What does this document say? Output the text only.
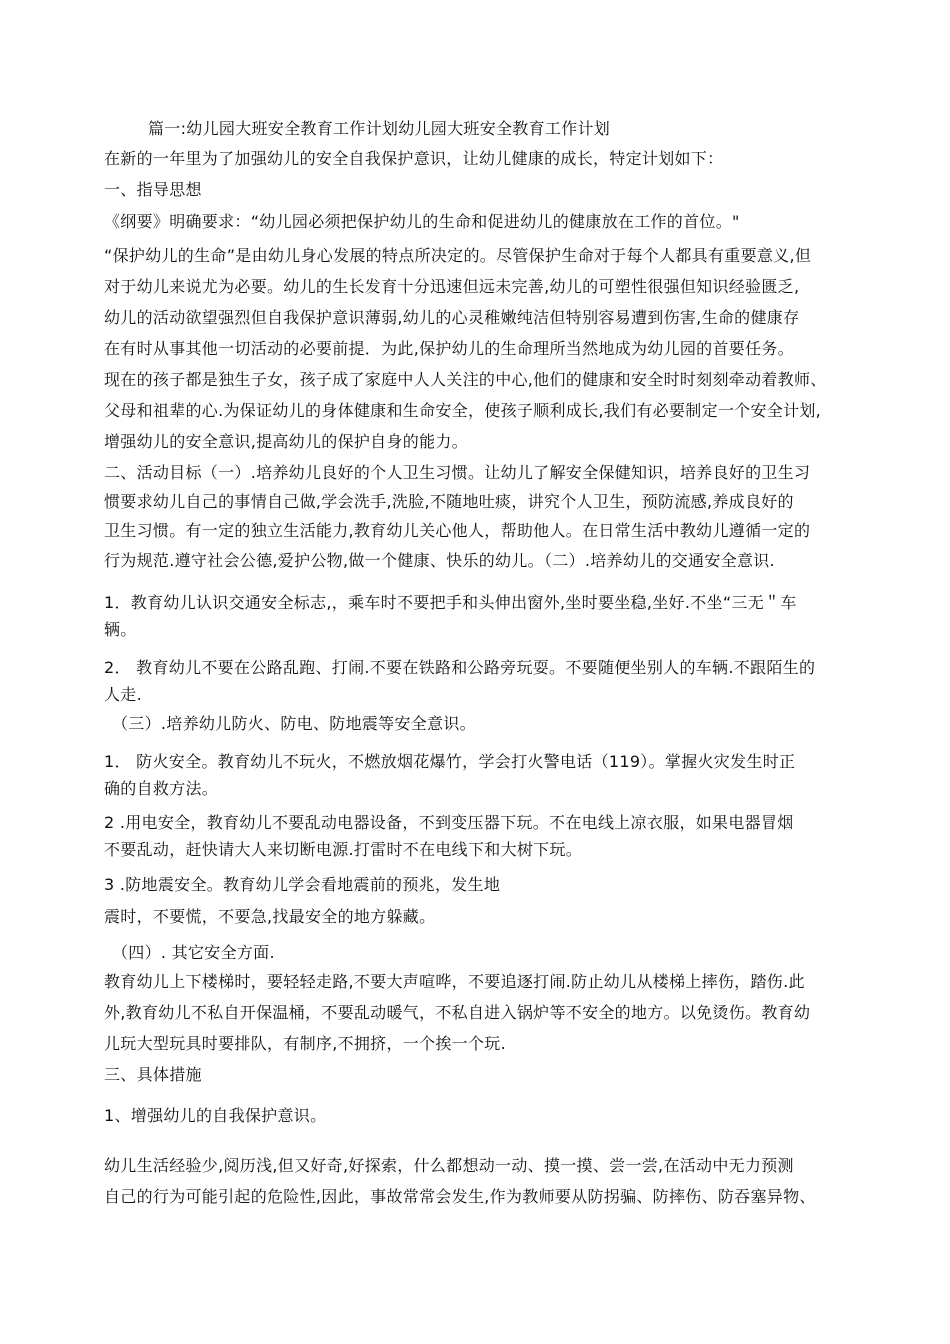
篇一:幼儿园大班安全教育工作计划幼儿园大班安全教育工作计划
在新的一年里为了加强幼儿的安全自我保护意识，让幼儿健康的成长，特定计划如下：
一、指导思想
《纲要》明确要求：“幼儿园必须把保护幼儿的生命和促进幼儿的健康放在工作的首位。"
“保护幼儿的生命”是由幼儿身心发展的特点所决定的。尽管保护生命对于每个人都具有重要意义,但
对于幼儿来说尤为必要。幼儿的生长发育十分迅速但远未完善,幼儿的可塑性很强但知识经验匮乏,
幼儿的活动欲望强烈但自我保护意识薄弱,幼儿的心灵稚嫩纯洁但特别容易遭到伤害,生命的健康存
在有时从事其他一切活动的必要前提．为此,保护幼儿的生命理所当然地成为幼儿园的首要任务。
现在的孩子都是独生子女，孩子成了家庭中人人关注的中心,他们的健康和安全时时刻刻牵动着教师、
父母和祖辈的心.为保证幼儿的身体健康和生命安全，使孩子顺利成长,我们有必要制定一个安全计划,
增强幼儿的安全意识,提高幼儿的保护自身的能力。
二、活动目标（一）.培养幼儿良好的个人卫生习惯。让幼儿了解安全保健知识，培养良好的卫生习
惯要求幼儿自己的事情自己做,学会洗手,洗脸,不随地吐痰，讲究个人卫生，预防流感,养成良好的
卫生习惯。有一定的独立生活能力,教育幼儿关心他人，帮助他人。在日常生活中教幼儿遵循一定的
行为规范.遵守社会公德,爱护公物,做一个健康、快乐的幼儿。（二）.培养幼儿的交通安全意识.
1．教育幼儿认识交通安全标志,，乘车时不要把手和头伸出窗外,坐时要坐稳,坐好.不坐“三无＂车
辆。
2． 教育幼儿不要在公路乱跑、打闹.不要在铁路和公路旁玩耍。不要随便坐别人的车辆.不跟陌生的
人走.
（三）.培养幼儿防火、防电、防地震等安全意识。
1． 防火安全。教育幼儿不玩火，不燃放烟花爆竹，学会打火警电话（119）。掌握火灾发生时正
确的自救方法。
2 .用电安全，教育幼儿不要乱动电器设备，不到变压器下玩。不在电线上凉衣服，如果电器冒烟
不要乱动，赶快请大人来切断电源.打雷时不在电线下和大树下玩。
3 .防地震安全。教育幼儿学会看地震前的预兆，发生地
震时，不要慌，不要急,找最安全的地方躲藏。
（四）. 其它安全方面.
教育幼儿上下楼梯时，要轻轻走路,不要大声喧哗，不要追逐打闹.防止幼儿从楼梯上摔伤，踏伤.此
外,教育幼儿不私自开保温桶，不要乱动暖气，不私自进入锅炉等不安全的地方。以免烫伤。教育幼
儿玩大型玩具时要排队，有制序,不拥挤，一个挨一个玩.
三、具体措施
1、增强幼儿的自我保护意识。
幼儿生活经验少,阅历浅,但又好奇,好探索，什么都想动一动、摸一摸、尝一尝,在活动中无力预测
自己的行为可能引起的危险性,因此，事故常常会发生,作为教师要从防拐骗、防摔伤、防吞塞异物、
